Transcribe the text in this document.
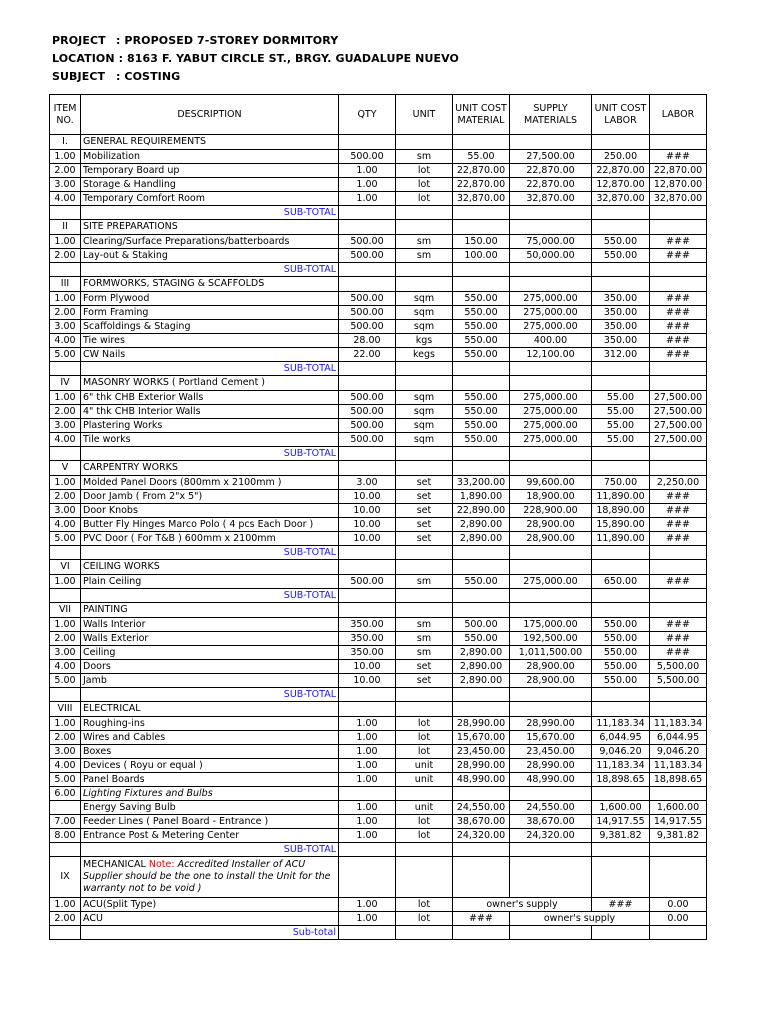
PROJECT : PROPOSED 7-STOREY DORMITORY
LOCATION : 8163 F. YABUT CIRCLE ST., BRGY. GUADALUPE NUEVO
SUBJECT : COSTING
ITEM NO.	DESCRIPTION	QTY	UNIT	UNIT COST MATERIAL	SUPPLY MATERIALS	UNIT COST LABOR	LABOR
I.	GENERAL REQUIREMENTS						
1.00	Mobilization	500.00	sm	55.00	27,500.00	250.00	###
2.00	Temporary Board up	1.00	lot	22,870.00	22,870.00	22,870.00	22,870.00
3.00	Storage & Handling	1.00	lot	22,870.00	22,870.00	12,870.00	12,870.00
4.00	Temporary Comfort Room	1.00	lot	32,870.00	32,870.00	32,870.00	32,870.00
	SUB-TOTAL						
II	SITE PREPARATIONS						
1.00	Clearing/Surface Preparations/batterboards	500.00	sm	150.00	75,000.00	550.00	###
2.00	Lay-out & Staking	500.00	sm	100.00	50,000.00	550.00	###
	SUB-TOTAL						
III	FORMWORKS, STAGING & SCAFFOLDS						
1.00	Form Plywood	500.00	sqm	550.00	275,000.00	350.00	###
2.00	Form Framing	500.00	sqm	550.00	275,000.00	350.00	###
3.00	Scaffoldings & Staging	500.00	sqm	550.00	275,000.00	350.00	###
4.00	Tie wires	28.00	kgs	550.00	400.00	350.00	###
5.00	CW Nails	22.00	kegs	550.00	12,100.00	312.00	###
	SUB-TOTAL						
IV	MASONRY WORKS ( Portland Cement )						
1.00	6" thk CHB Exterior Walls	500.00	sqm	550.00	275,000.00	55.00	27,500.00
2.00	4" thk CHB Interior Walls	500.00	sqm	550.00	275,000.00	55.00	27,500.00
3.00	Plastering Works	500.00	sqm	550.00	275,000.00	55.00	27,500.00
4.00	Tile works	500.00	sqm	550.00	275,000.00	55.00	27,500.00
	SUB-TOTAL						
V	CARPENTRY WORKS						
1.00	Molded Panel Doors (800mm x 2100mm )	3.00	set	33,200.00	99,600.00	750.00	2,250.00
2.00	Door Jamb ( From 2"x 5")	10.00	set	1,890.00	18,900.00	11,890.00	###
3.00	Door Knobs	10.00	set	22,890.00	228,900.00	18,890.00	###
4.00	Butter Fly Hinges Marco Polo ( 4 pcs Each Door )	10.00	set	2,890.00	28,900.00	15,890.00	###
5.00	PVC Door ( For T&B ) 600mm x 2100mm	10.00	set	2,890.00	28,900.00	11,890.00	###
	SUB-TOTAL						
VI	CEILING WORKS						
1.00	Plain Ceiling	500.00	sm	550.00	275,000.00	650.00	###
	SUB-TOTAL						
VII	PAINTING						
1.00	Walls Interior	350.00	sm	500.00	175,000.00	550.00	###
2.00	Walls Exterior	350.00	sm	550.00	192,500.00	550.00	###
3.00	Ceiling	350.00	sm	2,890.00	1,011,500.00	550.00	###
4.00	Doors	10.00	set	2,890.00	28,900.00	550.00	5,500.00
5.00	Jamb	10.00	set	2,890.00	28,900.00	550.00	5,500.00
	SUB-TOTAL						
VIII	ELECTRICAL						
1.00	Roughing-ins	1.00	lot	28,990.00	28,990.00	11,183.34	11,183.34
2.00	Wires and Cables	1.00	lot	15,670.00	15,670.00	6,044.95	6,044.95
3.00	Boxes	1.00	lot	23,450.00	23,450.00	9,046.20	9,046.20
4.00	Devices ( Royu or equal )	1.00	unit	28,990.00	28,990.00	11,183.34	11,183.34
5.00	Panel Boards	1.00	unit	48,990.00	48,990.00	18,898.65	18,898.65
6.00	Lighting Fixtures and Bulbs						
	Energy Saving Bulb	1.00	unit	24,550.00	24,550.00	1,600.00	1,600.00
7.00	Feeder Lines ( Panel Board - Entrance )	1.00	lot	38,670.00	38,670.00	14,917.55	14,917.55
8.00	Entrance Post & Metering Center	1.00	lot	24,320.00	24,320.00	9,381.82	9,381.82
	SUB-TOTAL						
IX	MECHANICAL Note: Accredited Installer of ACU Supplier should be the one to install the Unit for the warranty not to be void )						
1.00	ACU(Split Type)	1.00	lot	owner's supply		###	0.00
2.00	ACU	1.00	lot	###	owner's supply		0.00
	Sub-total						
